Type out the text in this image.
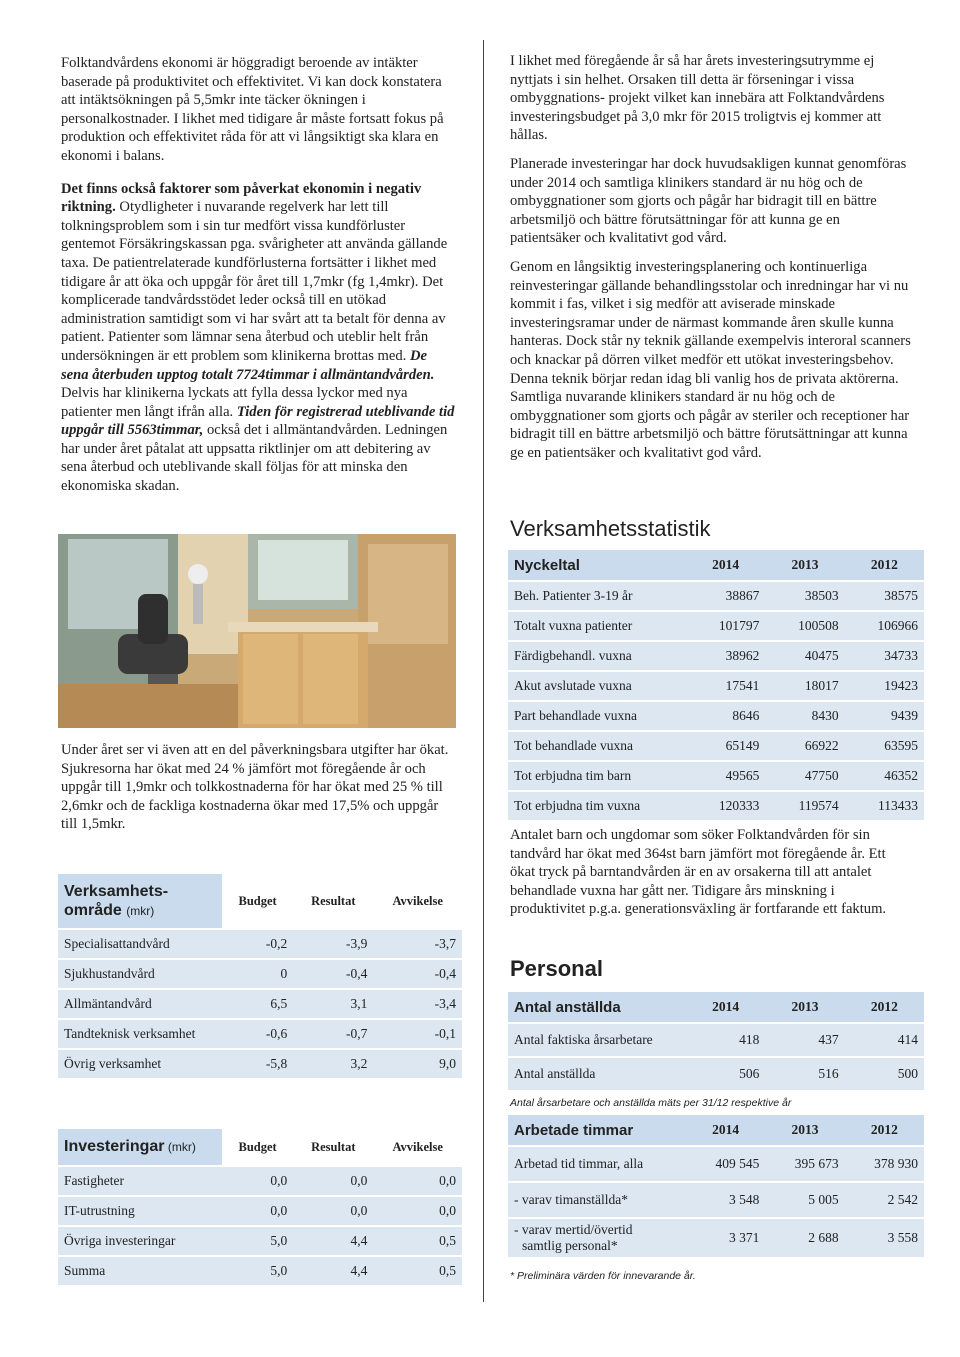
Folktandvårdens ekonomi är höggradigt beroende av intäkter baserade på produktivitet och effektivitet. Vi kan dock konstatera att intäktsökningen på 5,5mkr inte täcker ökningen i personalkostnader. I likhet med tidigare år måste fortsatt fokus på produktion och effektivitet råda för att vi långsiktigt ska klara en ekonomi i balans.

Det finns också faktorer som påverkat ekonomin i negativ riktning. Otydligheter i nuvarande regelverk har lett till tolkningsproblem som i sin tur medfört vissa kundförluster gentemot Försäkringskassan pga. svårigheter att använda gällande taxa. De patientrelaterade kundförlusterna fortsätter i likhet med tidigare år att öka och uppgår för året till 1,7mkr (fg 1,4mkr). Det komplicerade tandvårdsstödet leder också till en utökad administration samtidigt som vi har svårt att ta betalt för denna av patient. Patienter som lämnar sena återbud och uteblir helt från undersökningen är ett problem som klinikerna brottas med. De sena återbuden upptog totalt 7724timmar i allmäntandvården. Delvis har klinikerna lyckats att fylla dessa lyckor med nya patienter men långt ifrån alla. Tiden för registrerad uteblivande tid uppgår till 5563timmar, också det i allmäntandvården. Ledningen har under året påtalat att uppsatta riktlinjer om att debitering av sena återbud och uteblivande skall följas för att minska den ekonomiska skadan.

Under året ser vi även att en del påverkningsbara utgifter har ökat. Sjukresorna har ökat med 24 % jämfört mot föregående år och uppgår till 1,9mkr och tolkkostnaderna för har ökat med 25 % till 2,6mkr och de fackliga kostnaderna ökar med 17,5% och uppgår till 1,5mkr.

Verksamhets-
område (mkr)	Budget	Resultat	Avvikelse
Specialisattandvård	-0,2	-3,9	-3,7
Sjukhustandvård	0	-0,4	-0,4
Allmäntandvård	6,5	3,1	-3,4
Tandteknisk verksamhet	-0,6	-0,7	-0,1
Övrig verksamhet	-5,8	3,2	9,0
Investeringar (mkr)	Budget	Resultat	Avvikelse
Fastigheter	0,0	0,0	0,0
IT-utrustning	0,0	0,0	0,0
Övriga investeringar	5,0	4,4	0,5
Summa	5,0	4,4	0,5

I likhet med föregående år så har årets investeringsutrymme ej nyttjats i sin helhet. Orsaken till detta är förseningar i vissa ombyggnations- projekt vilket kan innebära att Folktandvårdens investeringsbudget på 3,0 mkr för 2015 troligtvis ej kommer att hållas.

Planerade investeringar har dock huvudsakligen kunnat genomföras under 2014 och samtliga klinikers standard är nu hög och de ombyggnationer som gjorts och pågår har bidragit till en bättre arbetsmiljö och bättre förutsättningar för att kunna ge en patientsäker och kvalitativt god vård.

Genom en långsiktig investeringsplanering och kontinuerliga reinvesteringar gällande behandlingsstolar och inredningar har vi nu kommit i fas, vilket i sig medför att aviserade minskade investeringsramar under de närmast kommande åren skulle kunna hanteras. Dock står ny teknik gällande exempelvis interoral scanners och knackar på dörren vilket medför ett utökat investeringsbehov. Denna teknik börjar redan idag bli vanlig hos de privata aktörerna. Samtliga nuvarande klinikers standard är nu hög och de ombyggnationer som gjorts och pågår av steriler och receptioner har bidragit till en bättre arbetsmiljö och bättre förutsättningar att kunna ge en patientsäker och kvalitativt god vård.

Verksamhetsstatistik
Nyckeltal	2014	2013	2012
Beh. Patienter 3-19 år	38867	38503	38575
Totalt vuxna patienter	101797	100508	106966
Färdigbehandl. vuxna	38962	40475	34733
Akut avslutade vuxna	17541	18017	19423
Part behandlade vuxna	8646	8430	9439
Tot behandlade vuxna	65149	66922	63595
Tot erbjudna tim barn	49565	47750	46352
Tot erbjudna tim vuxna	120333	119574	113433

Antalet barn och ungdomar som söker Folktandvården för sin tandvård har ökat med 364st barn jämfört mot föregående år. Ett ökat tryck på barntandvården är en av orsakerna till att antalet behandlade vuxna har gått ner. Tidigare års minskning i produktivitet p.g.a. generationsväxling är fortfarande ett faktum.

Personal
Antal anställda	2014	2013	2012
Antal faktiska årsarbetare	418	437	414
Antal anställda	506	516	500
Antal årsarbetare och anställda mäts per 31/12 respektive år
Arbetade timmar	2014	2013	2012
Arbetad tid timmar, alla	409 545	395 673	378 930
- varav timanställda*	3 548	5 005	2 542
- varav mertid/övertid
samtlig personal*	3 371	2 688	3 558
* Preliminära värden för innevarande år.
